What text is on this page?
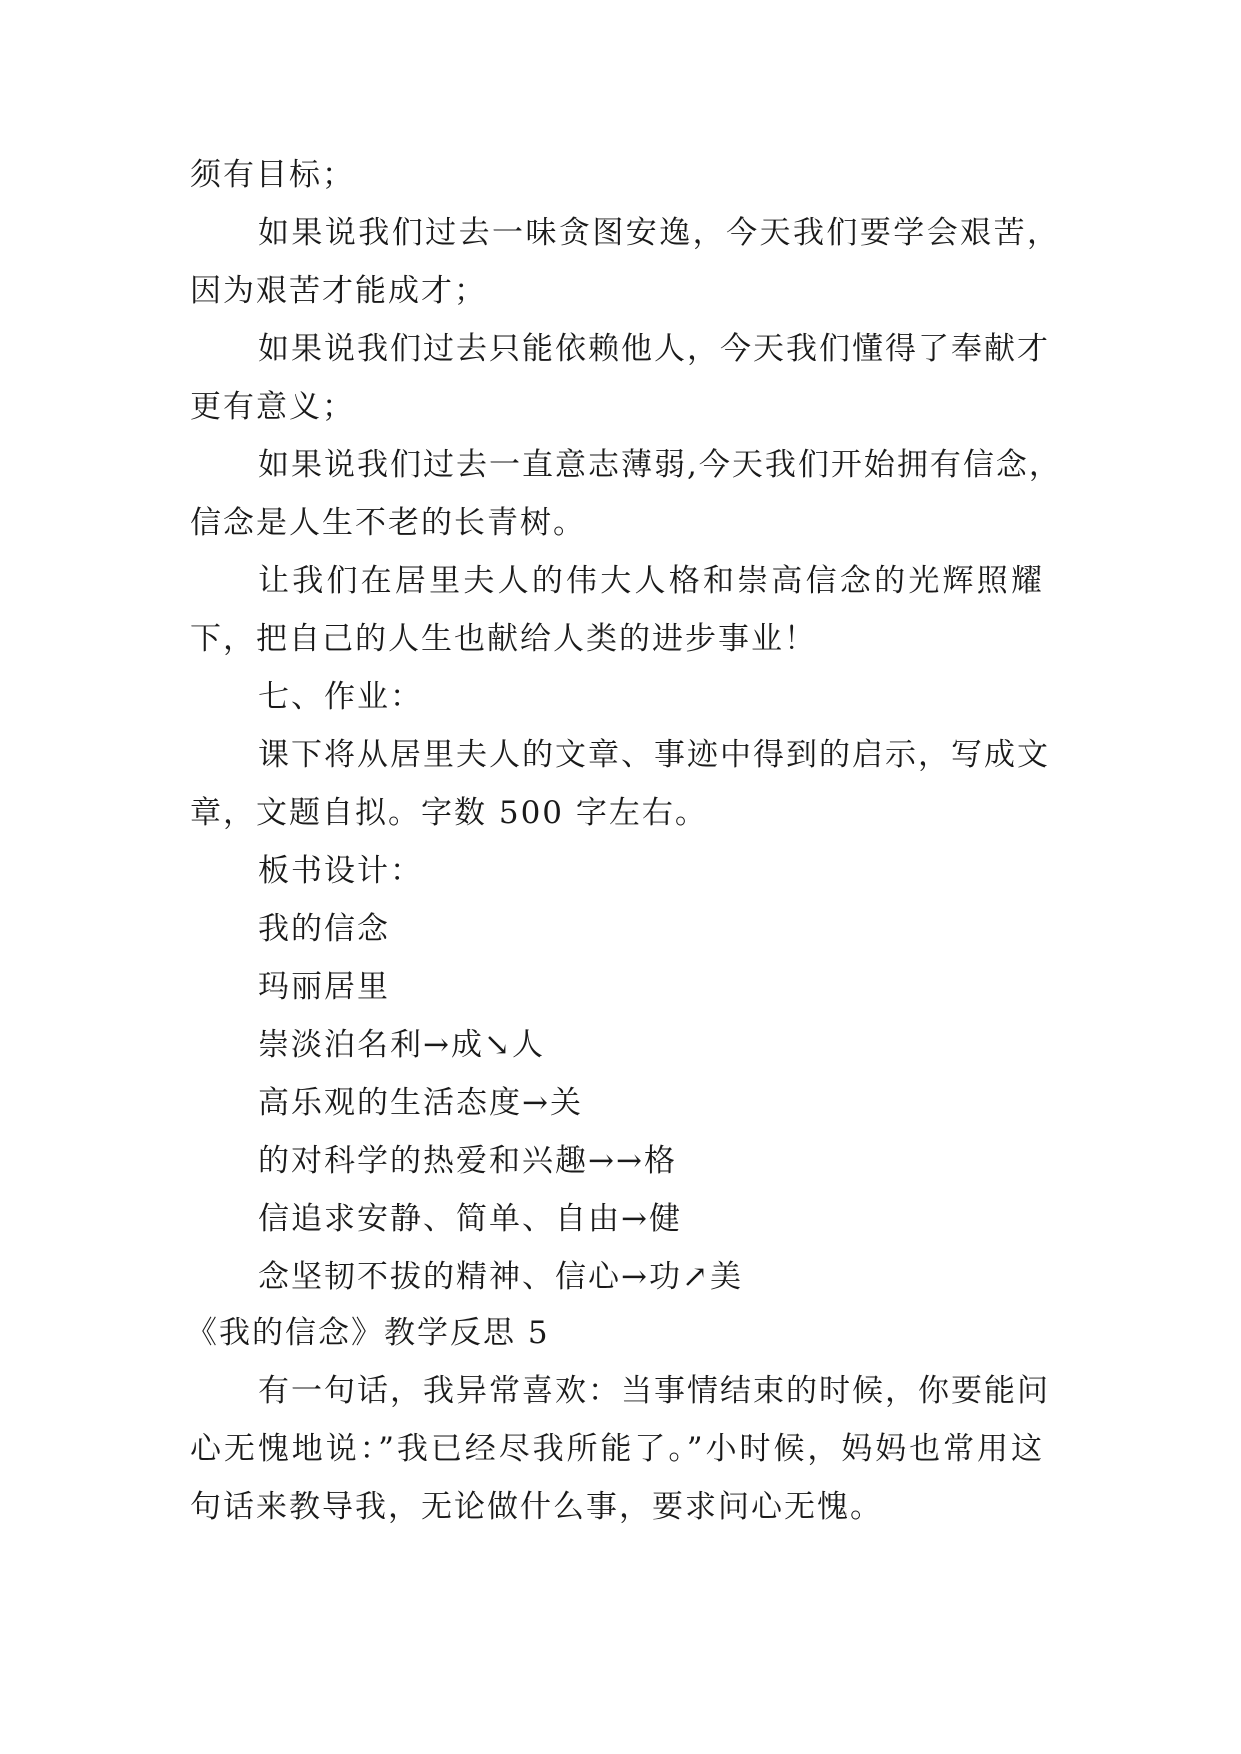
须有目标；
如果说我们过去一味贪图安逸，今天我们要学会艰苦，
因为艰苦才能成才；
如果说我们过去只能依赖他人，今天我们懂得了奉献才
更有意义；
如果说我们过去一直意志薄弱,今天我们开始拥有信念，
信念是人生不老的长青树。
让我们在居里夫人的伟大人格和崇高信念的光辉照耀
下，把自己的人生也献给人类的进步事业！
七、作业：
课下将从居里夫人的文章、事迹中得到的启示，写成文
章，文题自拟。字数 500 字左右。
板书设计：
我的信念
玛丽居里
崇淡泊名利→成↘人
高乐观的生活态度→关
的对科学的热爱和兴趣→→格
信追求安静、简单、自由→健
念坚韧不拔的精神、信心→功↗美
《我的信念》教学反思 5
有一句话，我异常喜欢：当事情结束的时候，你要能问
心无愧地说：”我已经尽我所能了。”小时候，妈妈也常用这
句话来教导我，无论做什么事，要求问心无愧。
